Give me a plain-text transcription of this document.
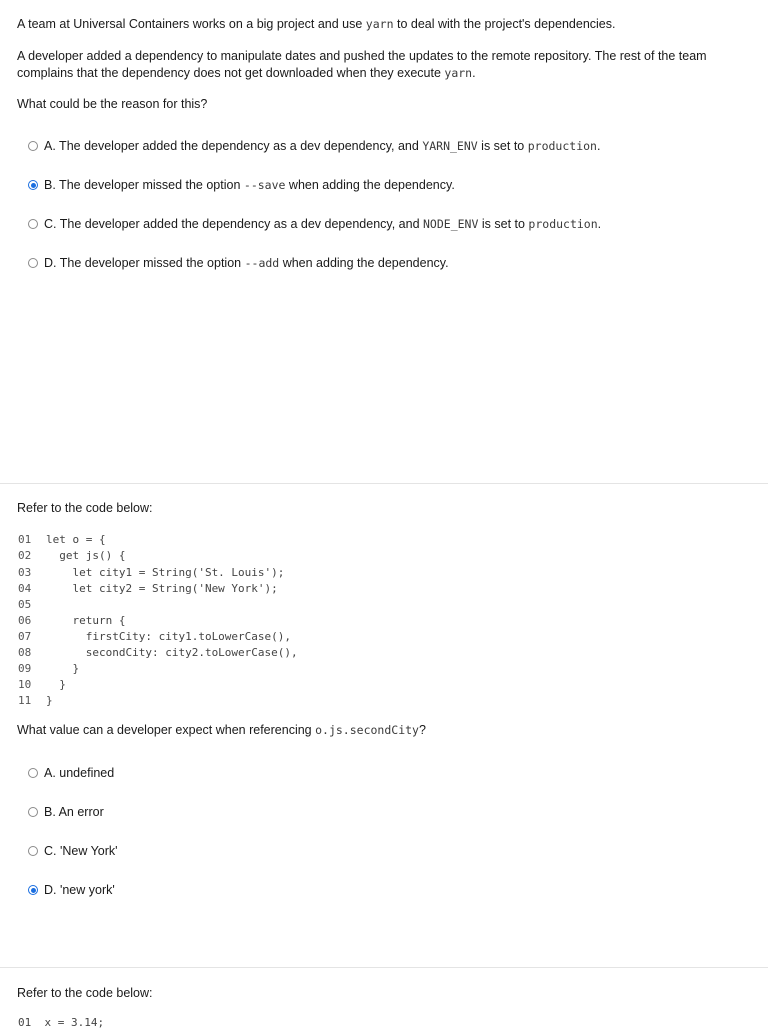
A team at Universal Containers works on a big project and use yarn to deal with the project's dependencies.
A developer added a dependency to manipulate dates and pushed the updates to the remote repository. The rest of the team
complains that the dependency does not get downloaded when they execute yarn.
What could be the reason for this?
A. The developer added the dependency as a dev dependency, and YARN_ENV is set to production.
B. The developer missed the option --save when adding the dependency.
C. The developer added the dependency as a dev dependency, and NODE_ENV is set to production.
D. The developer missed the option --add when adding the dependency.
Refer to the code below:
01	let o = {
02	get js() {
03	let city1 = String('St. Louis');
04	let city2 = String('New York');
05
06	return {
07	firstCity: city1.toLowerCase(),
08	secondCity: city2.toLowerCase(),
09	}
10	}
11	}
What value can a developer expect when referencing o.js.secondCity?
A. undefined
B. An error
C. 'New York'
D. 'new york'
Refer to the code below:
01  x = 3.14;
